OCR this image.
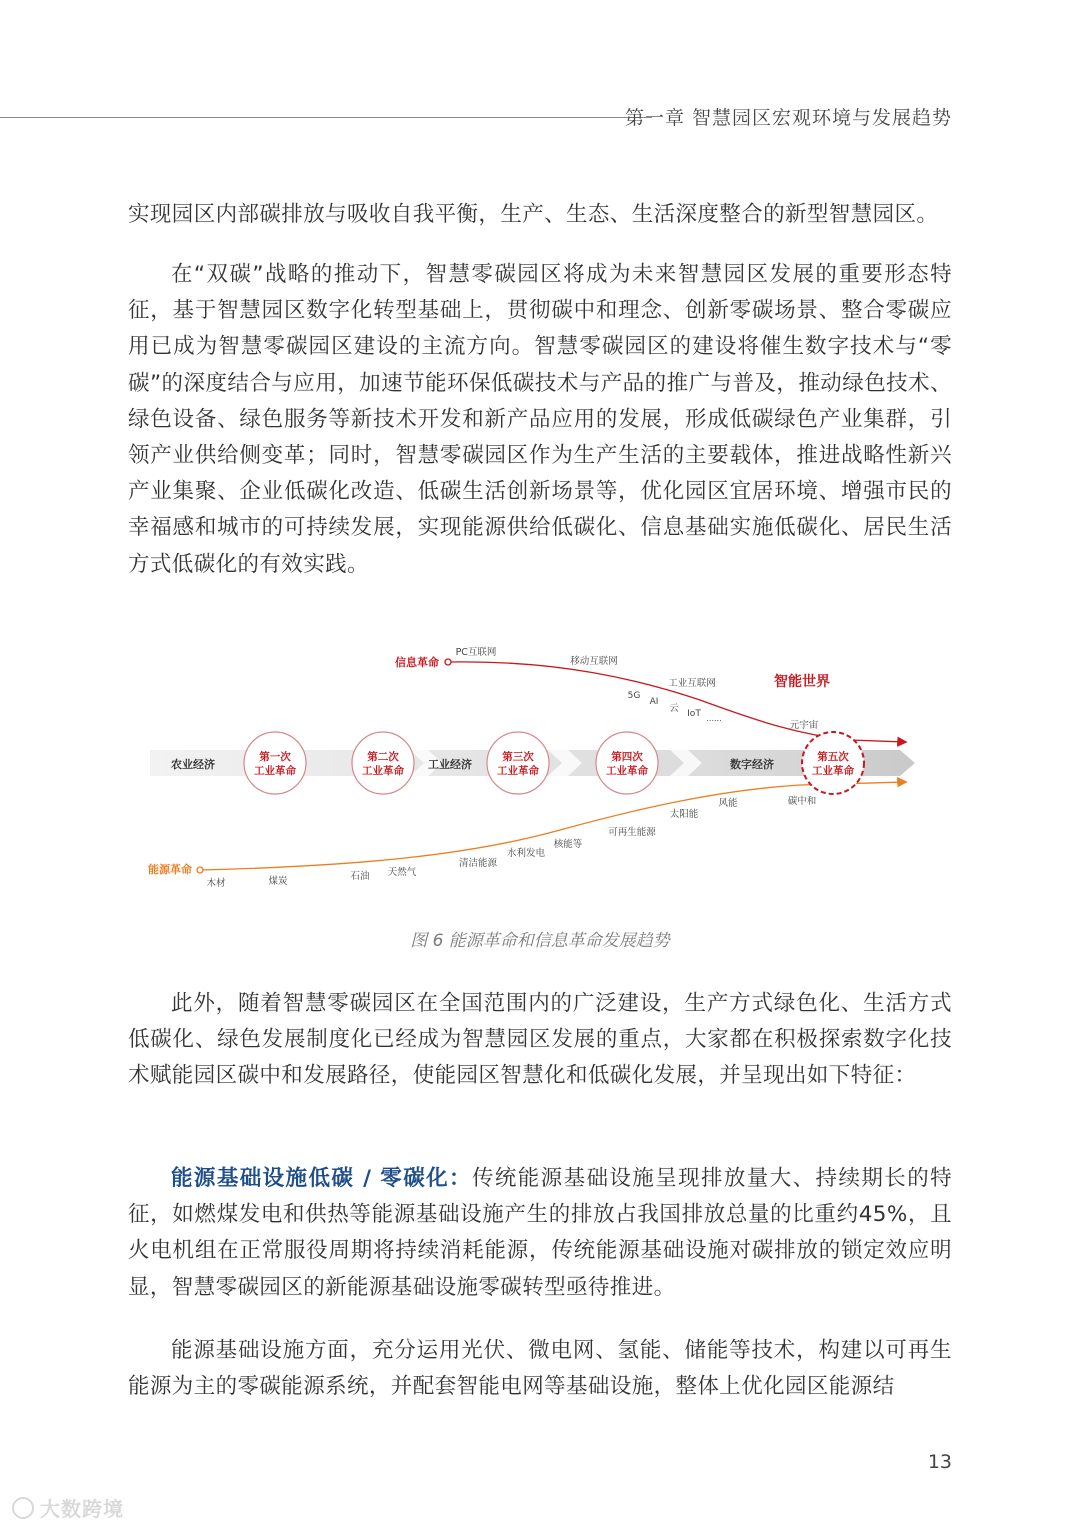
第一章 智慧园区宏观环境与发展趋势

实现园区内部碳排放与吸收自我平衡，生产、生态、生活深度整合的新型智慧园区。

在“双碳”战略的推动下，智慧零碳园区将成为未来智慧园区发展的重要形态特征，基于智慧园区数字化转型基础上，贯彻碳中和理念、创新零碳场景、整合零碳应用已成为智慧零碳园区建设的主流方向。智慧零碳园区的建设将催生数字技术与“零碳”的深度结合与应用，加速节能环保低碳技术与产品的推广与普及，推动绿色技术、绿色设备、绿色服务等新技术开发和新产品应用的发展，形成低碳绿色产业集群，引领产业供给侧变革；同时，智慧零碳园区作为生产生活的主要载体，推进战略性新兴产业集聚、企业低碳化改造、低碳生活创新场景等，优化园区宜居环境、增强市民的幸福感和城市的可持续发展，实现能源供给低碳化、信息基础实施低碳化、居民生活方式低碳化的有效实践。

农业经济	工业经济	数字经济
信息革命
PC互联网
移动互联网
工业互联网
5G
AI
云 IoT ......
元宇宙
智能世界
能源革命
木材	煤炭	石油 天然气
清洁能源
水利发电
核能等
可再生能源
太阳能
风能	碳中和
第一次
工业革命
第二次
工业革命
第三次
工业革命
第四次
工业革命
第五次
工业革命
图 6 能源革命和信息革命发展趋势

此外，随着智慧零碳园区在全国范围内的广泛建设，生产方式绿色化、生活方式低碳化、绿色发展制度化已经成为智慧园区发展的重点，大家都在积极探索数字化技术赋能园区碳中和发展路径，使能园区智慧化和低碳化发展，并呈现出如下特征：

能源基础设施低碳 / 零碳化：传统能源基础设施呈现排放量大、持续期长的特征，如燃煤发电和供热等能源基础设施产生的排放占我国排放总量的比重约45%，且火电机组在正常服役周期将持续消耗能源，传统能源基础设施对碳排放的锁定效应明显，智慧零碳园区的新能源基础设施零碳转型亟待推进。

能源基础设施方面，充分运用光伏、微电网、氢能、储能等技术，构建以可再生能源为主的零碳能源系统，并配套智能电网等基础设施，整体上优化园区能源结

13
大数跨境
